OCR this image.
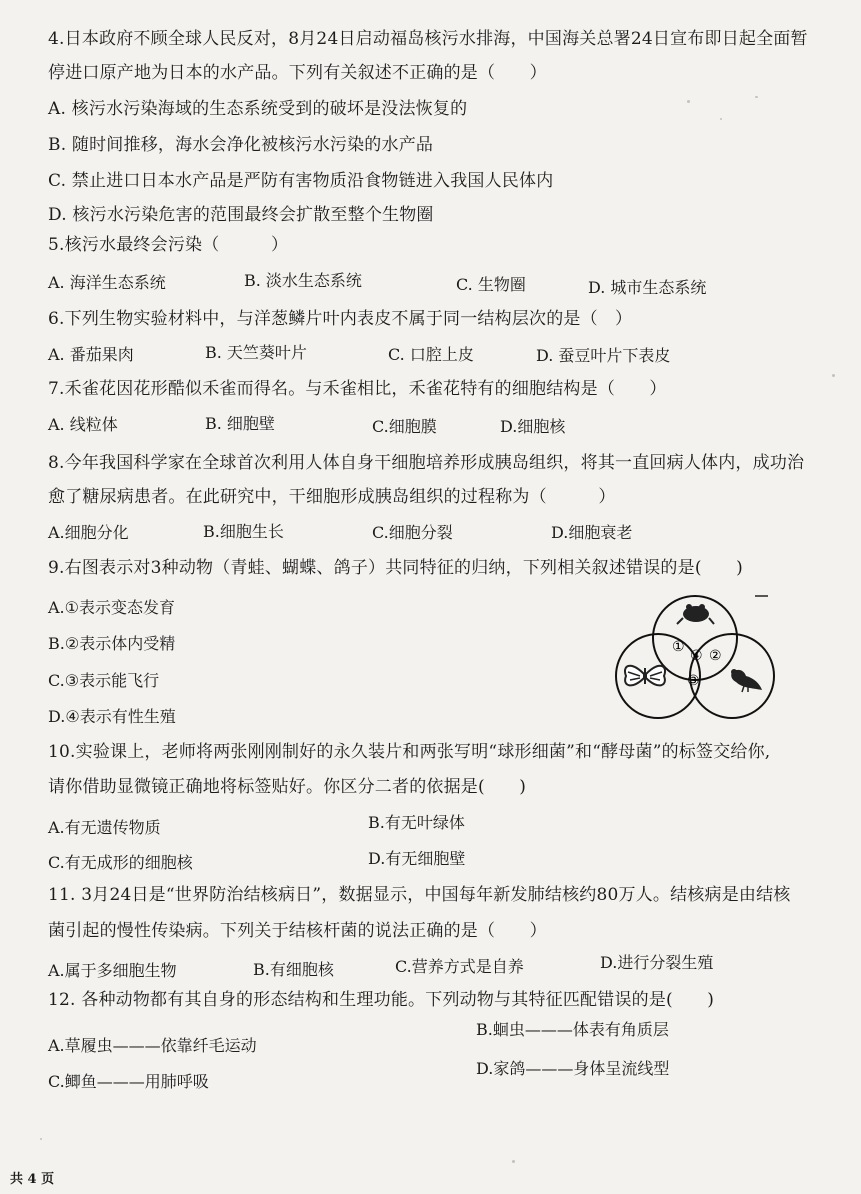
4.日本政府不顾全球人民反对，8月24日启动福岛核污水排海，中国海关总署24日宣布即日起全面暂
停进口原产地为日本的水产品。下列有关叙述不正确的是（　　）
A. 核污水污染海域的生态系统受到的破坏是没法恢复的
B. 随时间推移，海水会净化被核污水污染的水产品
C. 禁止进口日本水产品是严防有害物质沿食物链进入我国人民体内
D. 核污水污染危害的范围最终会扩散至整个生物圈
5.核污水最终会污染（　　　）
A. 海洋生态系统	B. 淡水生态系统	C. 生物圈	D. 城市生态系统
6.下列生物实验材料中，与洋葱鳞片叶内表皮不属于同一结构层次的是（　）
A. 番茄果肉	B. 天竺葵叶片	C. 口腔上皮	D. 蚕豆叶片下表皮
7.禾雀花因花形酷似禾雀而得名。与禾雀相比，禾雀花特有的细胞结构是（　　）
A. 线粒体	B. 细胞壁	C.细胞膜	D.细胞核
8.今年我国科学家在全球首次利用人体自身干细胞培养形成胰岛组织，将其一直回病人体内，成功治
愈了糖尿病患者。在此研究中，干细胞形成胰岛组织的过程称为（　　　）
A.细胞分化	B.细胞生长	C.细胞分裂	D.细胞衰老
9.右图表示对3种动物（青蛙、蝴蝶、鸽子）共同特征的归纳，下列相关叙述错误的是(　　)
A.①表示变态发育
B.②表示体内受精
C.③表示能飞行
D.④表示有性生殖
①
④ ②
③
10.实验课上，老师将两张刚刚制好的永久装片和两张写明“球形细菌”和“酵母菌”的标签交给你,
请你借助显微镜正确地将标签贴好。你区分二者的依据是(　　)
A.有无遗传物质	B.有无叶绿体
C.有无成形的细胞核	D.有无细胞壁
11. 3月24日是“世界防治结核病日”，数据显示，中国每年新发肺结核约80万人。结核病是由结核
菌引起的慢性传染病。下列关于结核杆菌的说法正确的是（　　）
A.属于多细胞生物	B.有细胞核	C.营养方式是自养	D.进行分裂生殖
12. 各种动物都有其自身的形态结构和生理功能。下列动物与其特征匹配错误的是(　　)
A.草履虫———依靠纤毛运动
B.蛔虫———体表有角质层
C.鲫鱼———用肺呼吸
D.家鸽———身体呈流线型
共 4 页
